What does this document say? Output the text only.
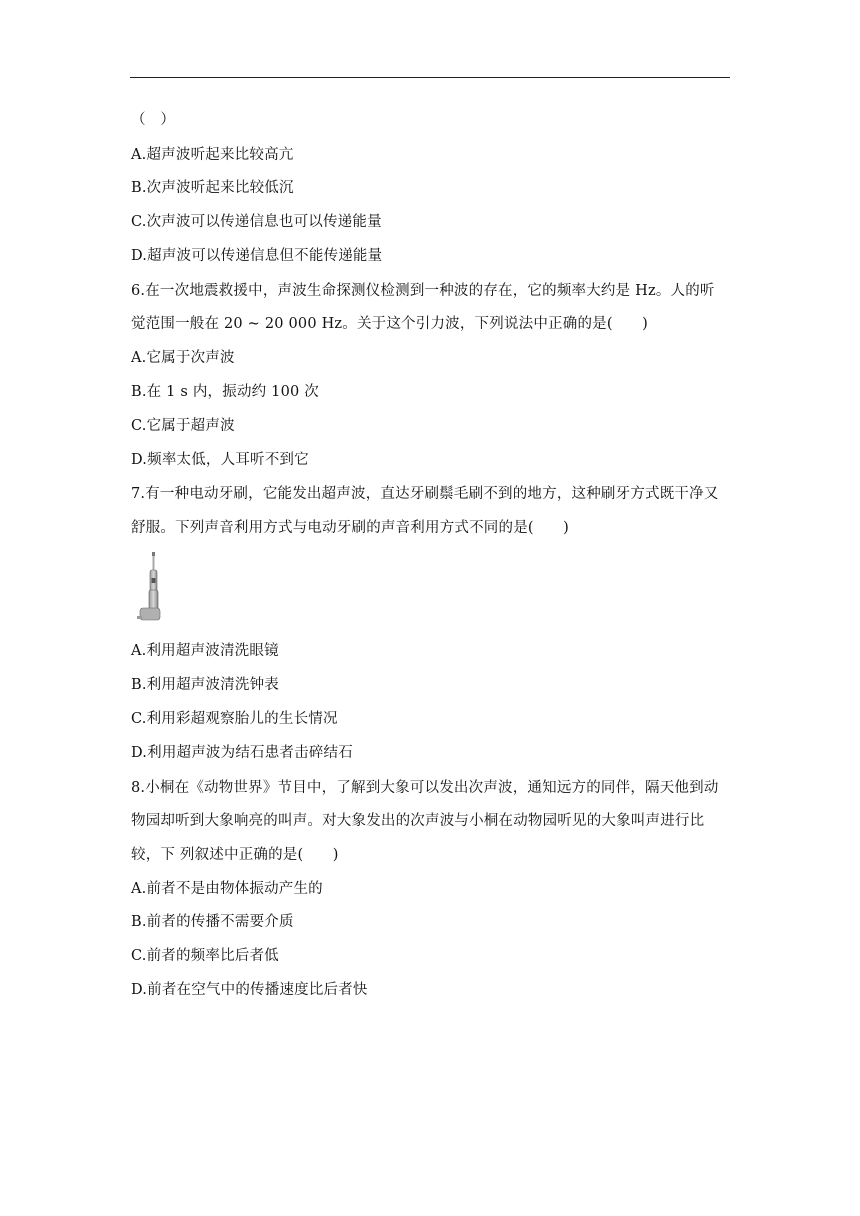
（　）
A.超声波听起来比较高亢
B.次声波听起来比较低沉
C.次声波可以传递信息也可以传递能量
D.超声波可以传递信息但不能传递能量
6.在一次地震救援中，声波生命探测仪检测到一种波的存在，它的频率大约是 Hz。人的听
觉范围一般在 20 ~ 20 000 Hz。关于这个引力波，下列说法中正确的是(　　)
A.它属于次声波
B.在 1 s 内，振动约 100 次
C.它属于超声波
D.频率太低，人耳听不到它
7.有一种电动牙刷，它能发出超声波，直达牙刷鬃毛刷不到的地方，这种刷牙方式既干净又
舒服。下列声音利用方式与电动牙刷的声音利用方式不同的是(　　)
A.利用超声波清洗眼镜
B.利用超声波清洗钟表
C.利用彩超观察胎儿的生长情况
D.利用超声波为结石患者击碎结石
8.小桐在《动物世界》节目中，了解到大象可以发出次声波，通知远方的同伴，隔天他到动
物园却听到大象响亮的叫声。对大象发出的次声波与小桐在动物园听见的大象叫声进行比
较，下 列叙述中正确的是(　　)
A.前者不是由物体振动产生的
B.前者的传播不需要介质
C.前者的频率比后者低
D.前者在空气中的传播速度比后者快
